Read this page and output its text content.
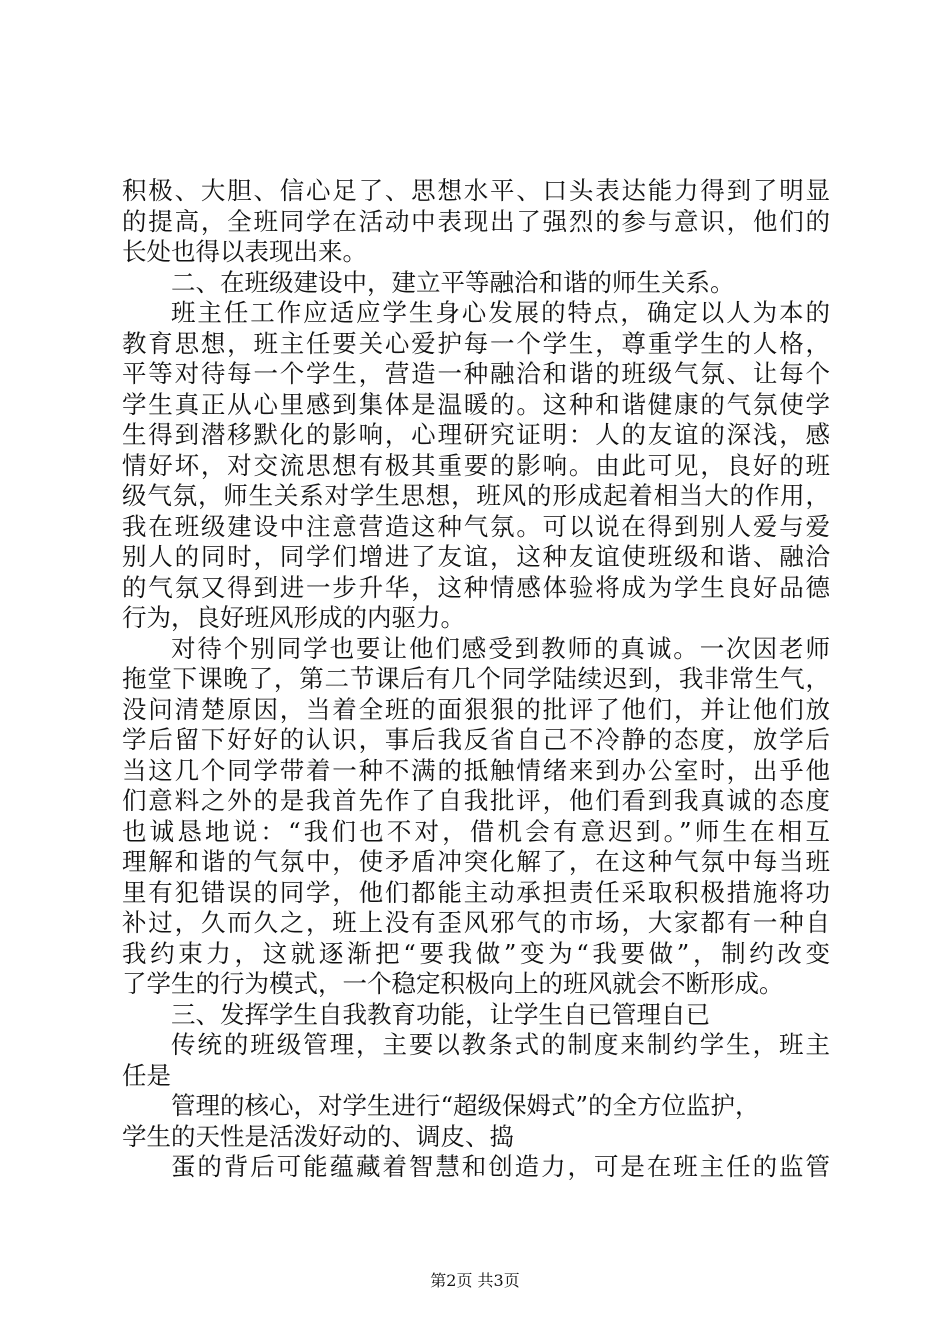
积极、大胆、信心足了、思想水平、口头表达能力得到了明显
的提高，全班同学在活动中表现出了强烈的参与意识，他们的
长处也得以表现出来。
二、在班级建设中，建立平等融洽和谐的师生关系。
班主任工作应适应学生身心发展的特点，确定以人为本的
教育思想，班主任要关心爱护每一个学生，尊重学生的人格，
平等对待每一个学生，营造一种融洽和谐的班级气氛、让每个
学生真正从心里感到集体是温暖的。这种和谐健康的气氛使学
生得到潜移默化的影响，心理研究证明：人的友谊的深浅，感
情好坏，对交流思想有极其重要的影响。由此可见，良好的班
级气氛，师生关系对学生思想，班风的形成起着相当大的作用，
我在班级建设中注意营造这种气氛。可以说在得到别人爱与爱
别人的同时，同学们增进了友谊，这种友谊使班级和谐、融洽
的气氛又得到进一步升华，这种情感体验将成为学生良好品德
行为，良好班风形成的内驱力。
对待个别同学也要让他们感受到教师的真诚。一次因老师
拖堂下课晚了，第二节课后有几个同学陆续迟到，我非常生气，
没问清楚原因，当着全班的面狠狠的批评了他们，并让他们放
学后留下好好的认识，事后我反省自己不冷静的态度，放学后
当这几个同学带着一种不满的抵触情绪来到办公室时，出乎他
们意料之外的是我首先作了自我批评，他们看到我真诚的态度
也诚恳地说：“我们也不对，借机会有意迟到。”师生在相互
理解和谐的气氛中，使矛盾冲突化解了，在这种气氛中每当班
里有犯错误的同学，他们都能主动承担责任采取积极措施将功
补过，久而久之，班上没有歪风邪气的市场，大家都有一种自
我约束力，这就逐渐把“要我做”变为“我要做”，制约改变
了学生的行为模式，一个稳定积极向上的班风就会不断形成。
三、发挥学生自我教育功能，让学生自已管理自已
传统的班级管理，主要以教条式的制度来制约学生，班主
任是
管理的核心，对学生进行“超级保姆式”的全方位监护，
学生的天性是活泼好动的、调皮、捣
蛋的背后可能蕴藏着智慧和创造力，可是在班主任的监管
第2页 共3页
